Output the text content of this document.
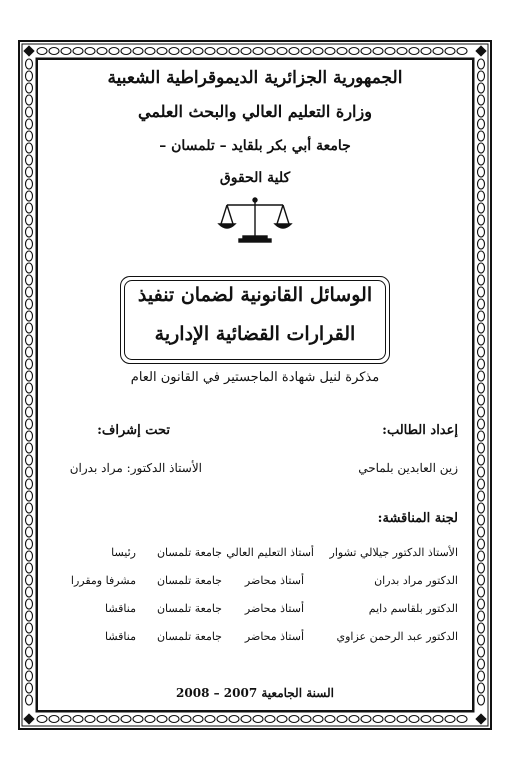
الجمهورية الجزائرية الديموقراطية الشعبية
وزارة التعليم العالي والبحث العلمي
جامعة أبي بكر بلقايد – تلمسان –
كلية الحقوق
الوسائل القانونية لضمان تنفيذ
القرارات القضائية الإدارية
مذكرة لنيل شهادة الماجستير في القانون العام
إعداد الطالب:
تحت إشراف:
زين العابدين بلماحي
الأستاذ الدكتور: مراد بدران
لجنة المناقشة:
الأستاذ الدكتور جيلالي تشوار
أستاذ التعليم العالي
جامعة تلمسان
رئيسا
الدكتور مراد بدران
أستاذ محاضر
جامعة تلمسان
مشرفا ومقررا
الدكتور بلقاسم دايم
أستاذ محاضر
جامعة تلمسان
مناقشا
الدكتور عبد الرحمن عزاوي
أستاذ محاضر
جامعة تلمسان
مناقشا
السنة الجامعية 2007 – 2008
